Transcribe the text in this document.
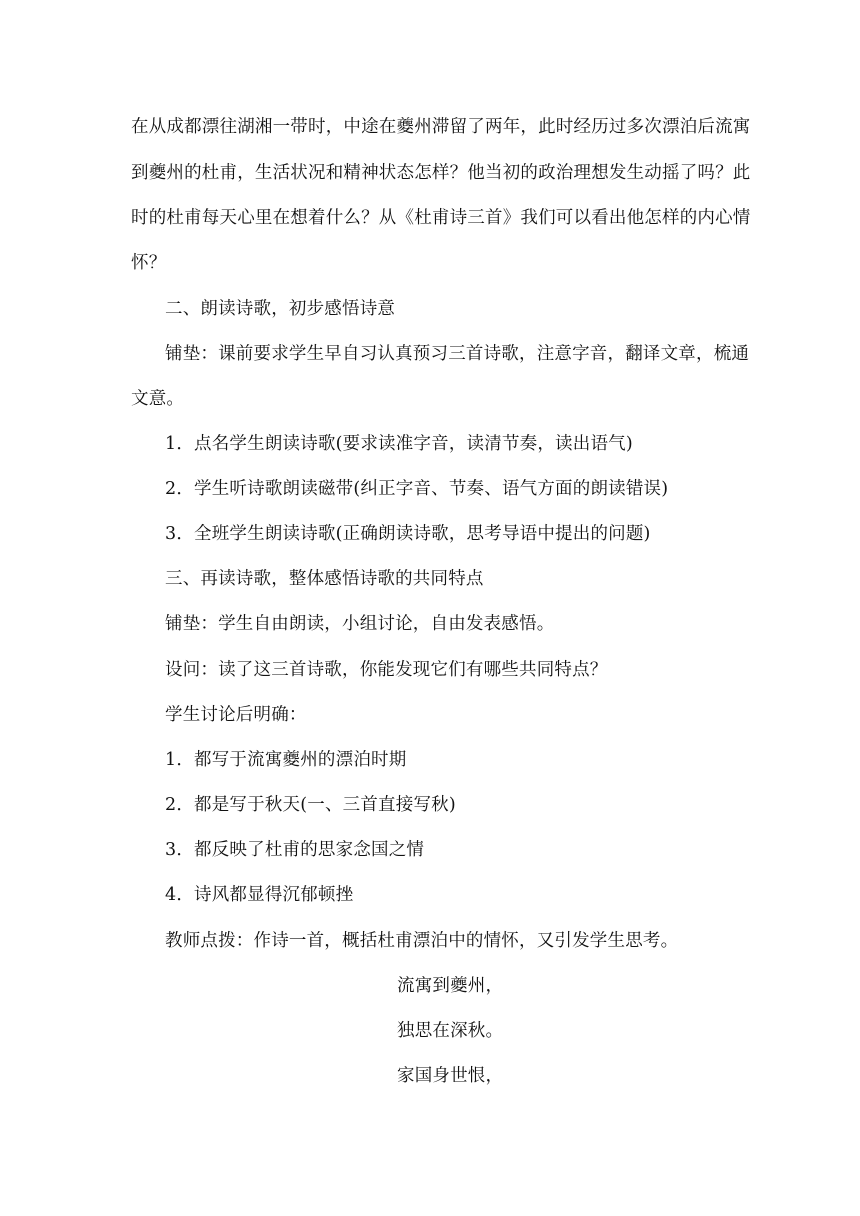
在从成都漂往湖湘一带时，中途在夔州滞留了两年，此时经历过多次漂泊后流寓
到夔州的杜甫，生活状况和精神状态怎样？他当初的政治理想发生动摇了吗？此
时的杜甫每天心里在想着什么？从《杜甫诗三首》我们可以看出他怎样的内心情
怀？
二、朗读诗歌，初步感悟诗意
铺垫：课前要求学生早自习认真预习三首诗歌，注意字音，翻译文章，梳通
文意。
1．点名学生朗读诗歌(要求读准字音，读清节奏，读出语气)
2．学生听诗歌朗读磁带(纠正字音、节奏、语气方面的朗读错误)
3．全班学生朗读诗歌(正确朗读诗歌，思考导语中提出的问题)
三、再读诗歌，整体感悟诗歌的共同特点
铺垫：学生自由朗读，小组讨论，自由发表感悟。
设问：读了这三首诗歌，你能发现它们有哪些共同特点？
学生讨论后明确：
1．都写于流寓夔州的漂泊时期
2．都是写于秋天(一、三首直接写秋)
3．都反映了杜甫的思家念国之情
4．诗风都显得沉郁顿挫
教师点拨：作诗一首，概括杜甫漂泊中的情怀，又引发学生思考。
流寓到夔州，
独思在深秋。
家国身世恨，
